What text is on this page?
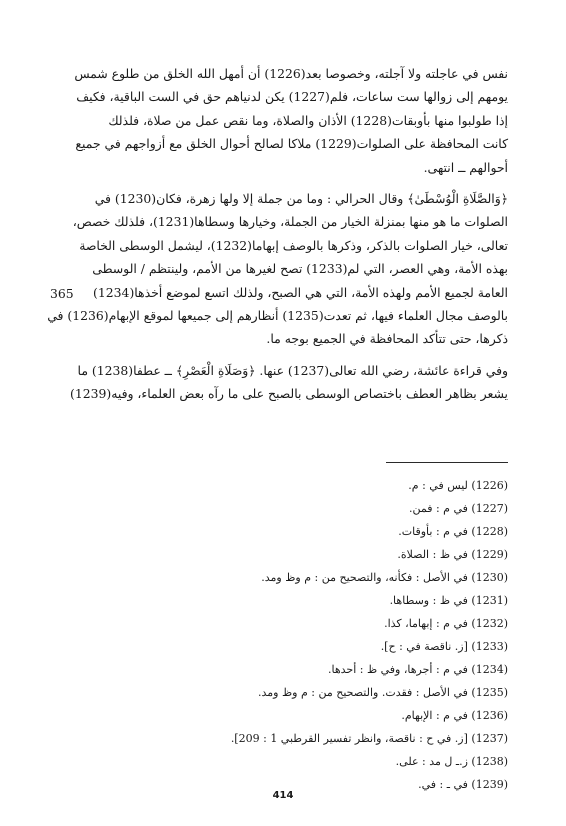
نفس في عاجلته ولا آجلته، وخصوصا بعد(1226) أن أمهل الله الخلق من طلوع شمس
يومهم إلى زوالها ست ساعات، فلم(1227) يكن لدنياهم حق في الست الباقية، فكيف
إذا طولبوا منها بأوبقات(1228) الأذان والصلاة، وما نقص عمل من صلاة، فلذلك
كانت المحافظة على الصلوات(1229) ملاكا لصالح أحوال الخلق مع أزواجهم في جميع
أحوالهم ــ انتهى.

﴿وَالصَّلَاةِ الْوُسْطَىٰ﴾ وقال الحرالي : وما من جملة إلا ولها زهرة، فكان(1230) في
الصلوات ما هو منها بمنزلة الخيار من الجملة، وخيارها وسطاها(1231)، فلذلك خصص،
تعالى، خيار الصلوات بالذكر، وذكرها بالوصف إبهاما(1232)، ليشمل الوسطى الخاصة
بهذه الأمة، وهي العصر، التي لم(1233) تصح لغيرها من الأمم، ولينتظم / الوسطى
العامة لجميع الأمم ولهذه الأمة، التي هي الصبح، ولذلك اتسع لموضع أخذها(1234)
بالوصف مجال العلماء فيها، ثم تعدت(1235) أنظارهم إلى جميعها لموقع الإبهام(1236) في
ذكرها، حتى تتأكد المحافظة في الجميع بوجه ما.

وفي قراءة عائشة، رضي الله تعالى(1237) عنها. ﴿وَصَلَاةِ الْعَصْرِ﴾ ــ عطفا(1238) ما
يشعر بظاهر العطف باختصاص الوسطى بالصبح على ما رآه بعض العلماء، وفيه(1239)

365
(1226) ليس في : م.
(1227) في م : فمن.
(1228) في م : بأوقات.
(1229) في ظ : الصلاة.
(1230) في الأصل : فكأنه، والتصحيح من : م وظ ومد.
(1231) في ظ : وسطاها.
(1232) في م : إبهاما، كذا.
(1233) [ز. ناقصة في : ح].
(1234) في م : أجرها، وفي ظ : أحدها.
(1235) في الأصل : فقدت. والتصحيح من : م وظ ومد.
(1236) في م : الإبهام.
(1237) [ز. في ح : ناقصة، وانظر تفسير القرطبي 1 : 209].
(1238) ز.ـ ل مد : على.
(1239) في ـ : في.
414
